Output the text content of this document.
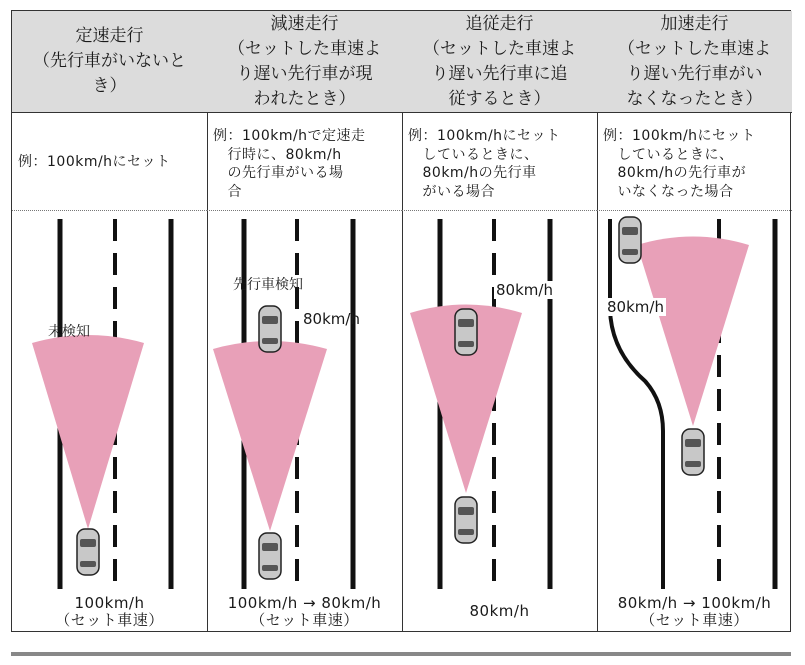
定速走行
（先行車がいないと
き）
例：100km/hにセット
未検知
100km/h
（セット車速）
減速走行
（セットした車速よ
り遅い先行車が現
われたとき）
例：100km/hで定速走
　行時に、80km/h
　の先行車がいる場
　合
先行車検知
80km/h
100km/h → 80km/h
（セット車速）
追従走行
（セットした車速よ
り遅い先行車に追
従するとき）
例：100km/hにセット
　しているときに、
　80km/hの先行車
　がいる場合
80km/h
80km/h
加速走行
（セットした車速よ
り遅い先行車がい
なくなったとき）
例：100km/hにセット
　しているときに、
　80km/hの先行車が
　いなくなった場合
80km/h
80km/h → 100km/h
（セット車速）
